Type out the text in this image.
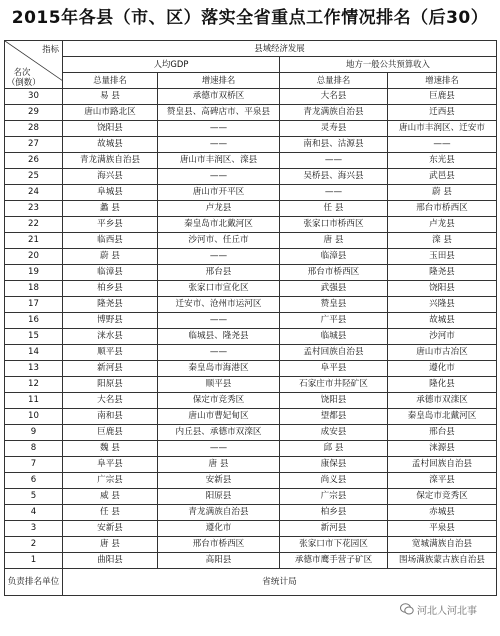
2015年各县（市、区）落实全省重点工作情况排名（后30）
指标
名次（倒数）	县域经济发展			
	人均GDP		地方一般公共预算收入	
	总量排名	增速排名	总量排名	增速排名
30	易 县	承德市双桥区	大名县	巨鹿县
29	唐山市路北区	赞皇县、高碑店市、平泉县	青龙满族自治县	迁西县
28	饶阳县	——	灵寿县	唐山市丰润区、迁安市
27	故城县	——	南和县、沽源县	——
26	青龙满族自治县	唐山市丰润区、滦县	——	东光县
25	海兴县	——	吴桥县、海兴县	武邑县
24	阜城县	唐山市开平区	——	蔚 县
23	蠡 县	卢龙县	任 县	邢台市桥西区
22	平乡县	秦皇岛市北戴河区	张家口市桥西区	卢龙县
21	临西县	沙河市、任丘市	唐 县	滦 县
20	蔚 县	——	临漳县	玉田县
19	临漳县	邢台县	邢台市桥西区	隆尧县
18	柏乡县	张家口市宣化区	武强县	饶阳县
17	隆尧县	迁安市、沧州市运河区	赞皇县	兴隆县
16	博野县	——	广平县	故城县
15	涞水县	临城县、隆尧县	临城县	沙河市
14	顺平县	——	孟村回族自治县	唐山市古冶区
13	新河县	秦皇岛市海港区	阜平县	遵化市
12	阳原县	顺平县	石家庄市井陉矿区	隆化县
11	大名县	保定市竞秀区	饶阳县	承德市双滦区
10	南和县	唐山市曹妃甸区	望都县	秦皇岛市北戴河区
9	巨鹿县	内丘县、承德市双滦区	成安县	邢台县
8	魏 县	——	邱 县	涞源县
7	阜平县	唐 县	康保县	孟村回族自治县
6	广宗县	安新县	尚义县	滦平县
5	威 县	阳原县	广宗县	保定市竞秀区
4	任 县	青龙满族自治县	柏乡县	赤城县
3	安新县	遵化市	新河县	平泉县
2	唐 县	邢台市桥西区	张家口市下花园区	宽城满族自治县
1	曲阳县	高阳县	承德市鹰手营子矿区	围场满族蒙古族自治县
负责排名单位	省统计局			
河北人河北事
